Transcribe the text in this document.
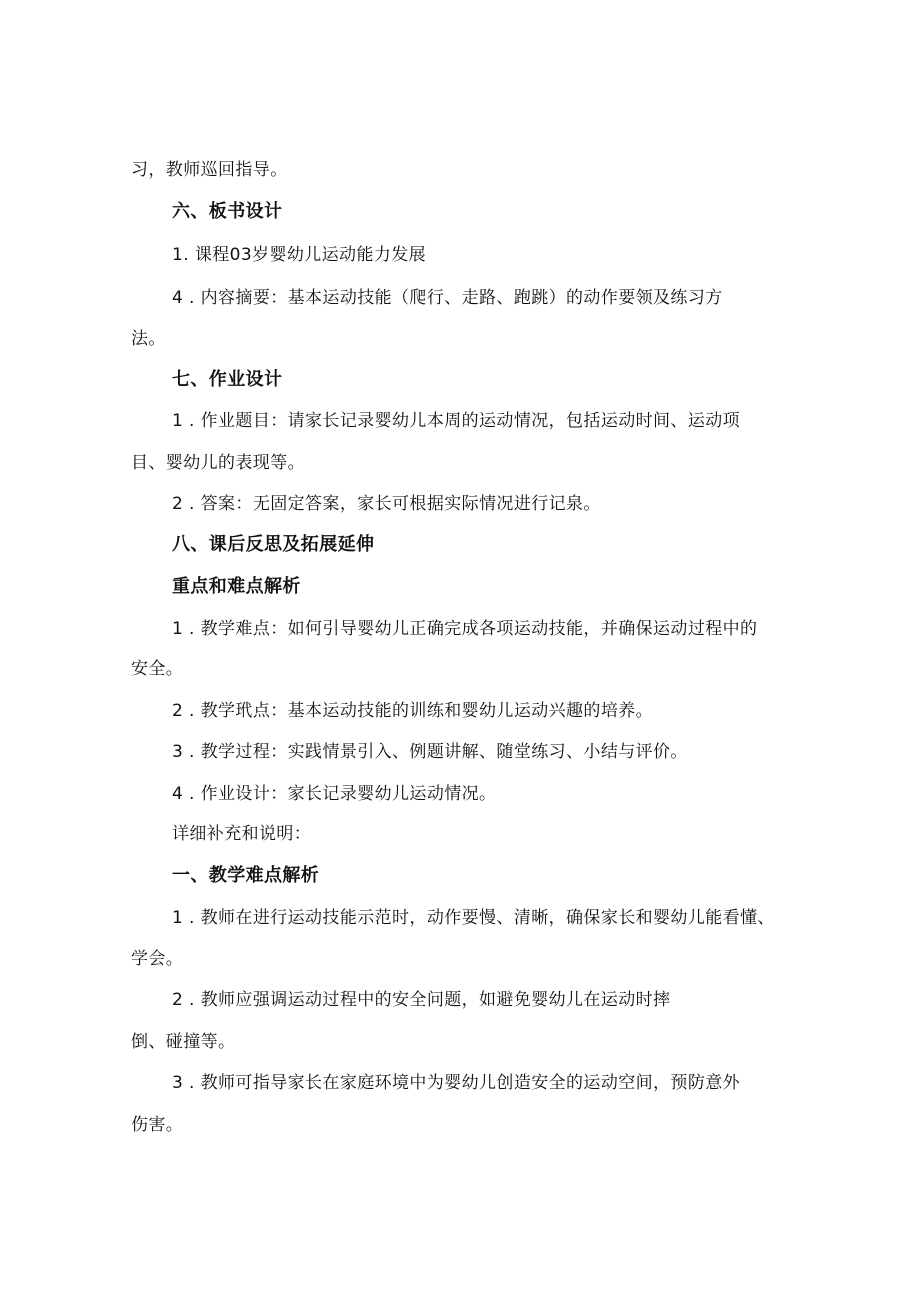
习，教师巡回指导。
六、板书设计
1. 课程03岁婴幼儿运动能力发展
4 . 内容摘要：基本运动技能（爬行、走路、跑跳）的动作要领及练习方
法。
七、作业设计
1 . 作业题目：请家长记录婴幼儿本周的运动情况，包括运动时间、运动项
目、婴幼儿的表现等。
2 . 答案：无固定答案，家长可根据实际情况进行记泉。
八、课后反思及拓展延伸
重点和难点解析
1 . 教学难点：如何引导婴幼儿正确完成各项运动技能，并确保运动过程中的
安全。
2 . 教学玳点：基本运动技能的训练和婴幼儿运动兴趣的培养。
3 . 教学过程：实践情景引入、例题讲解、随堂练习、小结与评价。
4 . 作业设计：家长记录婴幼儿运动情况。
详细补充和说明：
一、教学难点解析
1 . 教师在进行运动技能示范时，动作要慢、清晰，确保家长和婴幼儿能看懂、
学会。
2 . 教师应强调运动过程中的安全问题，如避免婴幼儿在运动时摔
倒、碰撞等。
3 . 教师可指导家长在家庭环境中为婴幼儿创造安全的运动空间，预防意外
伤害。
